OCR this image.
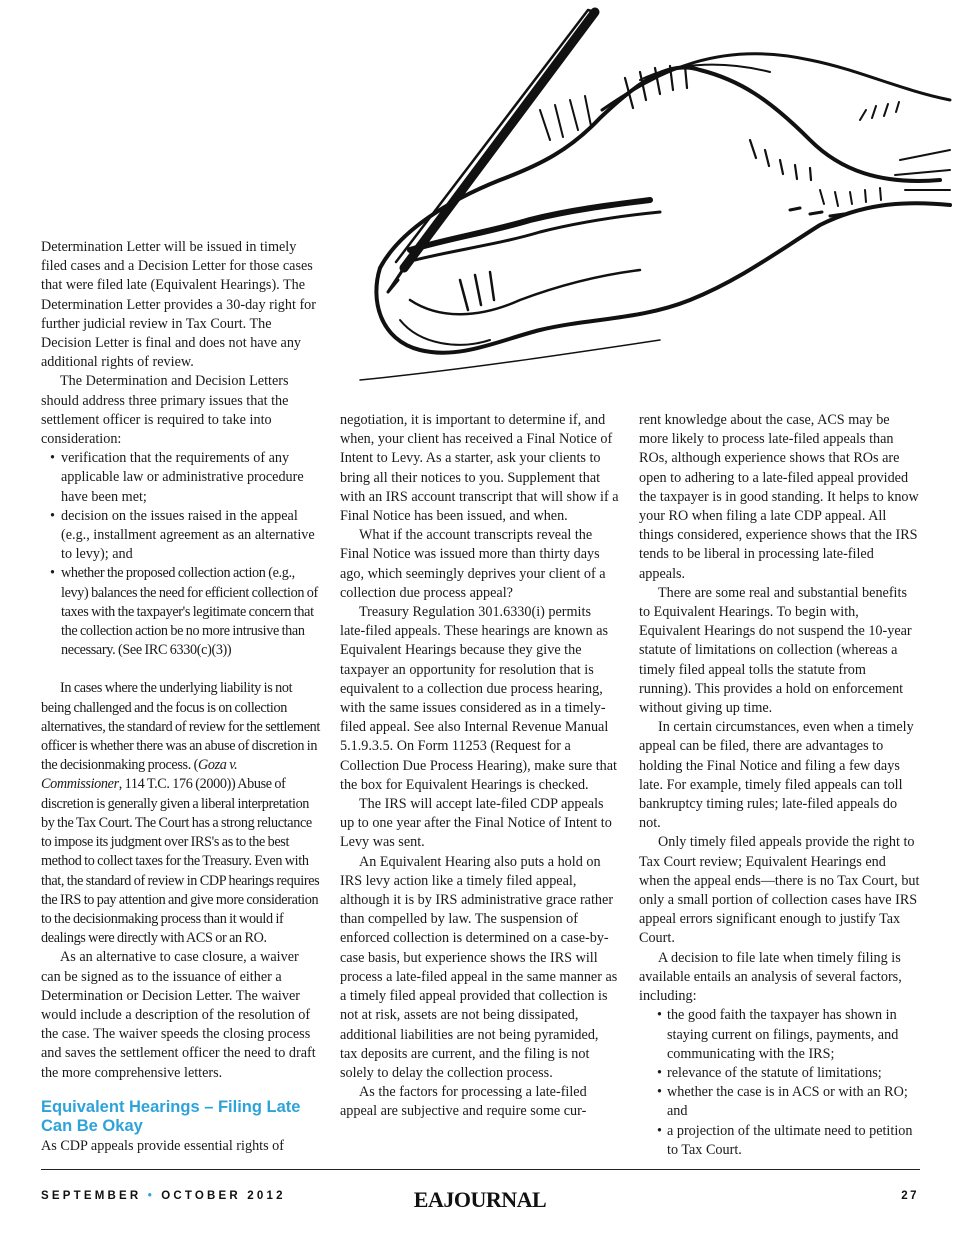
Determination Letter will be issued in timely filed cases and a Decision Letter for those cases that were filed late (Equivalent Hearings). The Determination Letter provides a 30-day right for further judicial review in Tax Court. The Decision Letter is final and does not have any additional rights of review.

The Determination and Decision Letters should address three primary issues that the settlement officer is required to take into consideration:

• verification that the requirements of any applicable law or administrative procedure have been met;
• decision on the issues raised in the appeal (e.g., installment agreement as an alternative to levy); and
• whether the proposed collection action (e.g., levy) balances the need for efficient collection of taxes with the taxpayer's legitimate concern that the collection action be no more intrusive than necessary. (See IRC 6330(c)(3))

In cases where the underlying liability is not being challenged and the focus is on collection alternatives, the standard of review for the settlement officer is whether there was an abuse of discretion in the decisionmaking process. (Goza v. Commissioner, 114 T.C. 176 (2000)) Abuse of discretion is generally given a liberal interpretation by the Tax Court. The Court has a strong reluctance to impose its judgment over IRS's as to the best method to collect taxes for the Treasury. Even with that, the standard of review in CDP hearings requires the IRS to pay attention and give more consideration to the decisionmaking process than it would if dealings were directly with ACS or an RO.

As an alternative to case closure, a waiver can be signed as to the issuance of either a Determination or Decision Letter. The waiver would include a description of the resolution of the case. The waiver speeds the closing process and saves the settlement officer the need to draft the more comprehensive letters.

Equivalent Hearings – Filing Late Can Be Okay

As CDP appeals provide essential rights of

negotiation, it is important to determine if, and when, your client has received a Final Notice of Intent to Levy. As a starter, ask your clients to bring all their notices to you. Supplement that with an IRS account transcript that will show if a Final Notice has been issued, and when.

What if the account transcripts reveal the Final Notice was issued more than thirty days ago, which seemingly deprives your client of a collection due process appeal?

Treasury Regulation 301.6330(i) permits late-filed appeals. These hearings are known as Equivalent Hearings because they give the taxpayer an opportunity for resolution that is equivalent to a collection due process hearing, with the same issues considered as in a timely-filed appeal. See also Internal Revenue Manual 5.1.9.3.5. On Form 11253 (Request for a Collection Due Process Hearing), make sure that the box for Equivalent Hearings is checked.

The IRS will accept late-filed CDP appeals up to one year after the Final Notice of Intent to Levy was sent.

An Equivalent Hearing also puts a hold on IRS levy action like a timely filed appeal, although it is by IRS administrative grace rather than compelled by law. The suspension of enforced collection is determined on a case-by-case basis, but experience shows the IRS will process a late-filed appeal in the same manner as a timely filed appeal provided that collection is not at risk, assets are not being dissipated, additional liabilities are not being pyramided, tax deposits are current, and the filing is not solely to delay the collection process.

As the factors for processing a late-filed appeal are subjective and require some cur-

rent knowledge about the case, ACS may be more likely to process late-filed appeals than ROs, although experience shows that ROs are open to adhering to a late-filed appeal provided the taxpayer is in good standing. It helps to know your RO when filing a late CDP appeal. All things considered, experience shows that the IRS tends to be liberal in processing late-filed appeals.

There are some real and substantial benefits to Equivalent Hearings. To begin with, Equivalent Hearings do not suspend the 10-year statute of limitations on collection (whereas a timely filed appeal tolls the statute from running). This provides a hold on enforcement without giving up time.

In certain circumstances, even when a timely appeal can be filed, there are advantages to holding the Final Notice and filing a few days late. For example, timely filed appeals can toll bankruptcy timing rules; late-filed appeals do not.

Only timely filed appeals provide the right to Tax Court review; Equivalent Hearings end when the appeal ends—there is no Tax Court, but only a small portion of collection cases have IRS appeal errors significant enough to justify Tax Court.

A decision to file late when timely filing is available entails an analysis of several factors, including:

• the good faith the taxpayer has shown in staying current on filings, payments, and communicating with the IRS;
• relevance of the statute of limitations;
• whether the case is in ACS or with an RO; and
• a projection of the ultimate need to petition to Tax Court.
SEPTEMBER • OCTOBER 2012	EAJOURNAL	27
